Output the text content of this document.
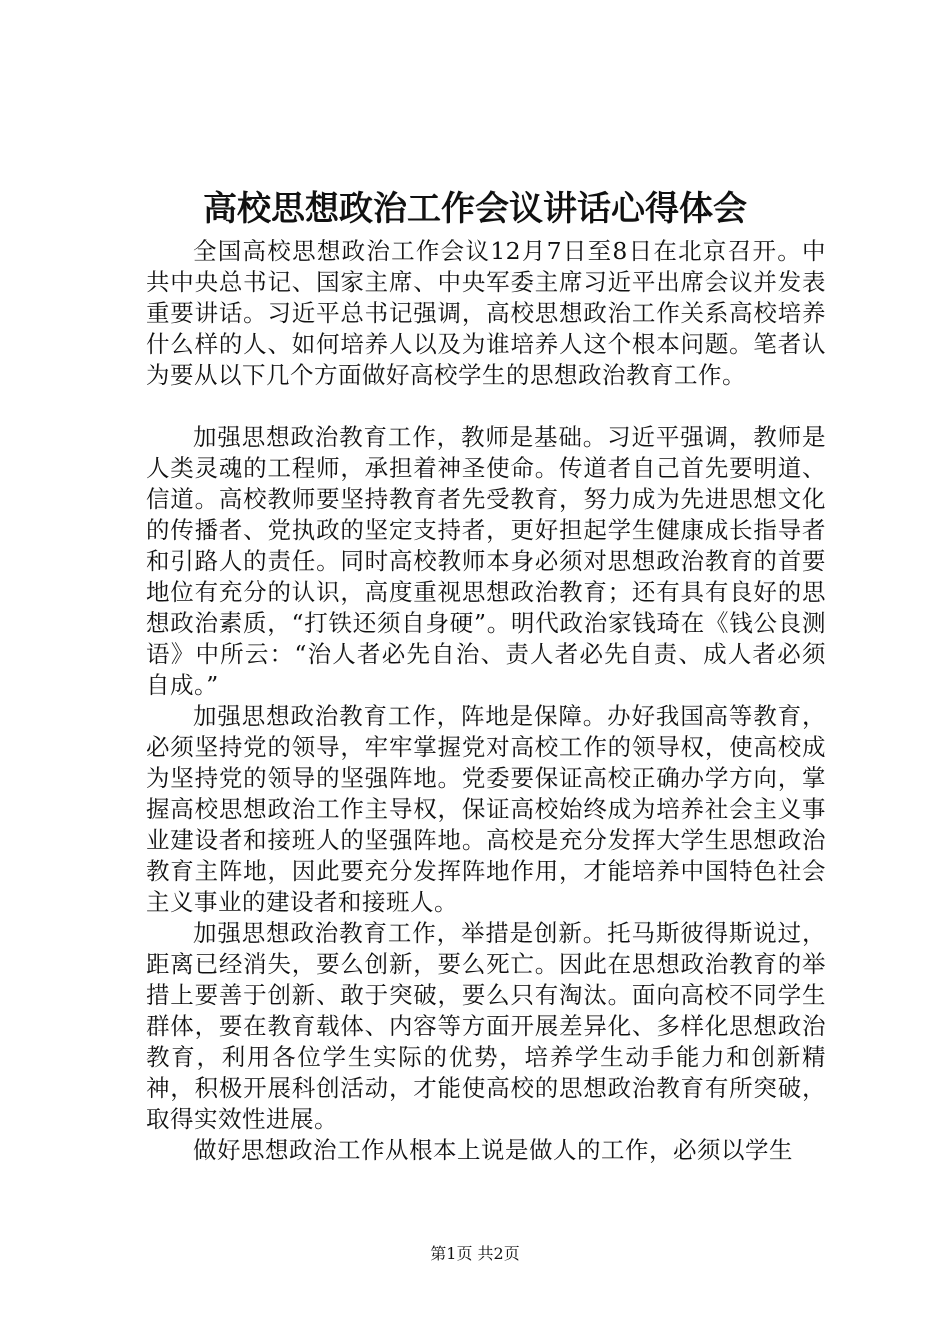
高校思想政治工作会议讲话心得体会

全国高校思想政治工作会议12月7日至8日在北京召开。中共中央总书记、国家主席、中央军委主席习近平出席会议并发表重要讲话。习近平总书记强调，高校思想政治工作关系高校培养什么样的人、如何培养人以及为谁培养人这个根本问题。笔者认为要从以下几个方面做好高校学生的思想政治教育工作。

加强思想政治教育工作，教师是基础。习近平强调，教师是人类灵魂的工程师，承担着神圣使命。传道者自己首先要明道、信道。高校教师要坚持教育者先受教育，努力成为先进思想文化的传播者、党执政的坚定支持者，更好担起学生健康成长指导者和引路人的责任。同时高校教师本身必须对思想政治教育的首要地位有充分的认识，高度重视思想政治教育；还有具有良好的思想政治素质，“打铁还须自身硬”。明代政治家钱琦在《钱公良测语》中所云：“治人者必先自治、责人者必先自责、成人者必须自成。”

加强思想政治教育工作，阵地是保障。办好我国高等教育，必须坚持党的领导，牢牢掌握党对高校工作的领导权，使高校成为坚持党的领导的坚强阵地。党委要保证高校正确办学方向，掌握高校思想政治工作主导权，保证高校始终成为培养社会主义事业建设者和接班人的坚强阵地。高校是充分发挥大学生思想政治教育主阵地，因此要充分发挥阵地作用，才能培养中国特色社会主义事业的建设者和接班人。

加强思想政治教育工作，举措是创新。托马斯彼得斯说过，距离已经消失，要么创新，要么死亡。因此在思想政治教育的举措上要善于创新、敢于突破，要么只有淘汰。面向高校不同学生群体，要在教育载体、内容等方面开展差异化、多样化思想政治教育，利用各位学生实际的优势，培养学生动手能力和创新精神，积极开展科创活动，才能使高校的思想政治教育有所突破，取得实效性进展。

做好思想政治工作从根本上说是做人的工作，必须以学生

第1页 共2页
